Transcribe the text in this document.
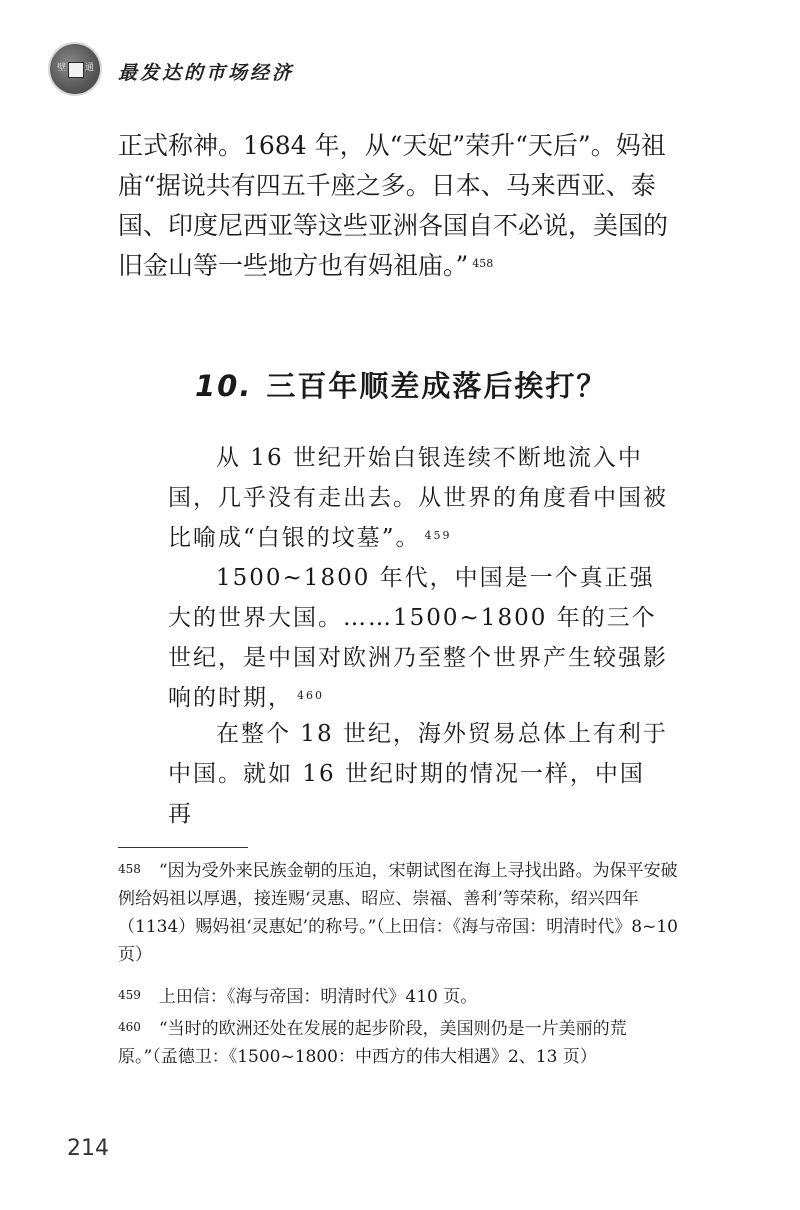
壁 通 最发达的市场经济

正式称神。1684 年，从“天妃”荣升“天后”。妈祖庙“据说共有四五千座之多。日本、马来西亚、泰国、印度尼西亚等这些亚洲各国自不必说，美国的旧金山等一些地方也有妈祖庙。” $^{458}$

10. 三百年顺差成落后挨打？

从 16 世纪开始白银连续不断地流入中国，几乎没有走出去。从世界的角度看中国被比喻成“白银的坟墓”。 $^{459}$

1500~1800 年代，中国是一个真正强大的世界大国。……1500~1800 年的三个世纪，是中国对欧洲乃至整个世界产生较强影响的时期， $^{460}$

在整个 18 世纪，海外贸易总体上有利于中国。就如 16 世纪时期的情况一样，中国再

458 “因为受外来民族金朝的压迫，宋朝试图在海上寻找出路。为保平安破例给妈祖以厚遇，接连赐‘灵惠、昭应、崇福、善利’等荣称，绍兴四年（1134）赐妈祖‘灵惠妃’的称号。”（上田信：《海与帝国：明清时代》8~10 页）

459 上田信：《海与帝国：明清时代》410 页。

460 “当时的欧洲还处在发展的起步阶段，美国则仍是一片美丽的荒原。”（孟德卫：《1500~1800：中西方的伟大相遇》2、13 页）

214
